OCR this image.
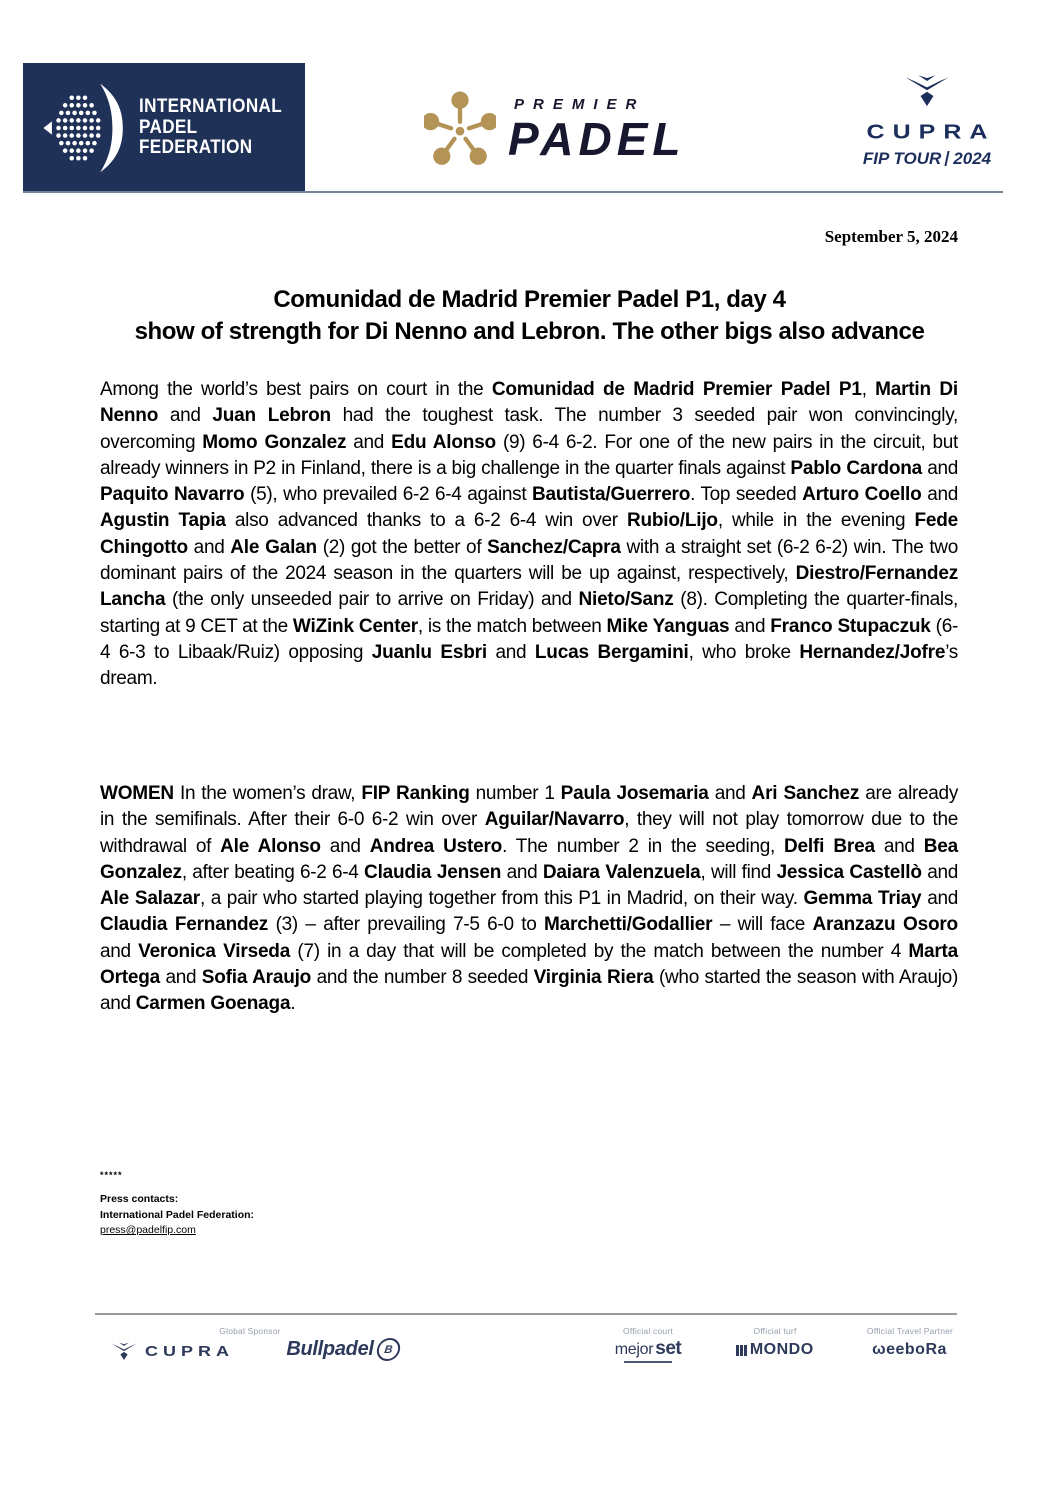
INTERNATIONAL
PADEL
FEDERATION
PREMIER
PADEL	CUPRA
FIP TOUR 2024
September 5, 2024
Comunidad de Madrid Premier Padel P1, day 4
show of strength for Di Nenno and Lebron. The other bigs also advance
Among the world’s best pairs on court in the Comunidad de Madrid Premier Padel P1, Martin Di Nenno and Juan Lebron had the toughest task. The number 3 seeded pair won convincingly, overcoming Momo Gonzalez and Edu Alonso (9) 6-4 6-2. For one of the new pairs in the circuit, but already winners in P2 in Finland, there is a big challenge in the quarter finals against Pablo Cardona and Paquito Navarro (5), who prevailed 6-2 6-4 against Bautista/Guerrero. Top seeded Arturo Coello and Agustin Tapia also advanced thanks to a 6-2 6-4 win over Rubio/Lijo, while in the evening Fede Chingotto and Ale Galan (2) got the better of Sanchez/Capra with a straight set (6-2 6-2) win. The two dominant pairs of the 2024 season in the quarters will be up against, respectively, Diestro/Fernandez Lancha (the only unseeded pair to arrive on Friday) and Nieto/Sanz (8). Completing the quarter-finals, starting at 9 CET at the WiZink Center, is the match between Mike Yanguas and Franco Stupaczuk (6-4 6-3 to Libaak/Ruiz) opposing Juanlu Esbri and Lucas Bergamini, who broke Hernandez/Jofre’s dream.
WOMEN In the women’s draw, FIP Ranking number 1 Paula Josemaria and Ari Sanchez are already in the semifinals. After their 6-0 6-2 win over Aguilar/Navarro, they will not play tomorrow due to the withdrawal of Ale Alonso and Andrea Ustero. The number 2 in the seeding, Delfi Brea and Bea Gonzalez, after beating 6-2 6-4 Claudia Jensen and Daiara Valenzuela, will find Jessica Castellò and Ale Salazar, a pair who started playing together from this P1 in Madrid, on their way. Gemma Triay and Claudia Fernandez (3) – after prevailing 7-5 6-0 to Marchetti/Godallier – will face Aranzazu Osoro and Veronica Virseda (7) in a day that will be completed by the match between the number 4 Marta Ortega and Sofia Araujo and the number 8 seeded Virginia Riera (who started the season with Araujo) and Carmen Goenaga.
*****
Press contacts:
International Padel Federation:
press@padelfip.com
Global Sponsor	Official court	Official turf	Official Travel Partner
CUPRA	Bullpadel B	mejor set	MONDO	ωeeboRa
